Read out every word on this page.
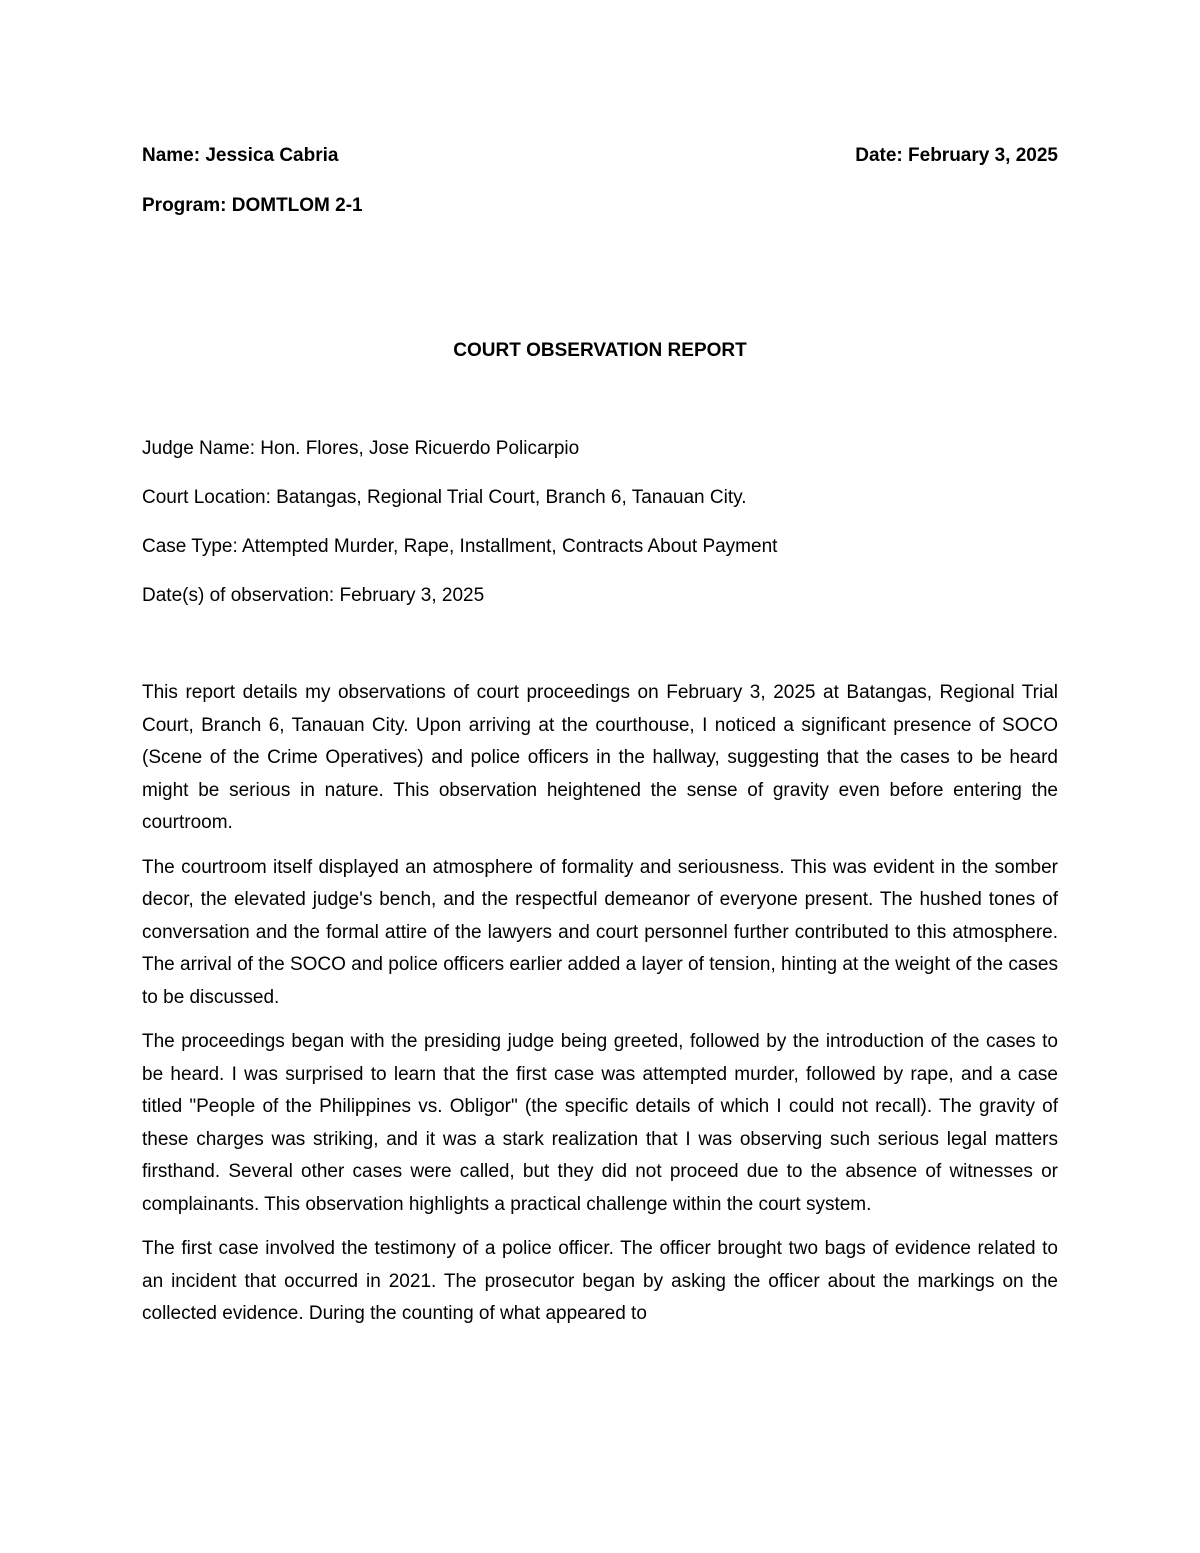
Name: Jessica Cabria	Date: February 3, 2025
Program: DOMTLOM 2-1
COURT OBSERVATION REPORT
Judge Name: Hon. Flores, Jose Ricuerdo Policarpio
Court Location: Batangas, Regional Trial Court, Branch 6, Tanauan City.
Case Type: Attempted Murder, Rape, Installment, Contracts About Payment
Date(s) of observation: February 3, 2025

This report details my observations of court proceedings on February 3, 2025 at Batangas, Regional Trial Court, Branch 6, Tanauan City. Upon arriving at the courthouse, I noticed a significant presence of SOCO (Scene of the Crime Operatives) and police officers in the hallway, suggesting that the cases to be heard might be serious in nature. This observation heightened the sense of gravity even before entering the courtroom.

The courtroom itself displayed an atmosphere of formality and seriousness. This was evident in the somber decor, the elevated judge's bench, and the respectful demeanor of everyone present. The hushed tones of conversation and the formal attire of the lawyers and court personnel further contributed to this atmosphere. The arrival of the SOCO and police officers earlier added a layer of tension, hinting at the weight of the cases to be discussed.

The proceedings began with the presiding judge being greeted, followed by the introduction of the cases to be heard. I was surprised to learn that the first case was attempted murder, followed by rape, and a case titled "People of the Philippines vs. Obligor" (the specific details of which I could not recall). The gravity of these charges was striking, and it was a stark realization that I was observing such serious legal matters firsthand. Several other cases were called, but they did not proceed due to the absence of witnesses or complainants. This observation highlights a practical challenge within the court system.

The first case involved the testimony of a police officer. The officer brought two bags of evidence related to an incident that occurred in 2021. The prosecutor began by asking the officer about the markings on the collected evidence. During the counting of what appeared to
